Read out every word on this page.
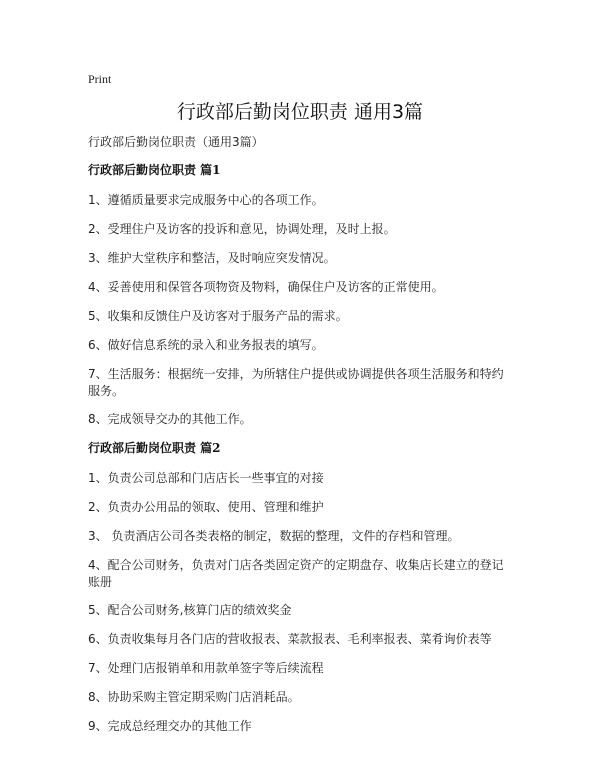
Print
行政部后勤岗位职责 通用3篇
行政部后勤岗位职责（通用3篇）
行政部后勤岗位职责 篇1
1、遵循质量要求完成服务中心的各项工作。
2、受理住户及访客的投诉和意见，协调处理，及时上报。
3、维护大堂秩序和整洁，及时响应突发情况。
4、妥善使用和保管各项物资及物料，确保住户及访客的正常使用。
5、收集和反馈住户及访客对于服务产品的需求。
6、做好信息系统的录入和业务报表的填写。
7、生活服务：根据统一安排，为所辖住户提供或协调提供各项生活服务和特约服务。
8、完成领导交办的其他工作。
行政部后勤岗位职责 篇2
1、负责公司总部和门店店长一些事宜的对接
2、负责办公用品的领取、使用、管理和维护
3、 负责酒店公司各类表格的制定，数据的整理，文件的存档和管理。
4、配合公司财务，负责对门店各类固定资产的定期盘存、收集店长建立的登记账册
5、配合公司财务,核算门店的绩效奖金
6、负责收集每月各门店的营收报表、菜款报表、毛利率报表、菜肴询价表等
7、处理门店报销单和用款单签字等后续流程
8、协助采购主管定期采购门店消耗品。
9、完成总经理交办的其他工作
